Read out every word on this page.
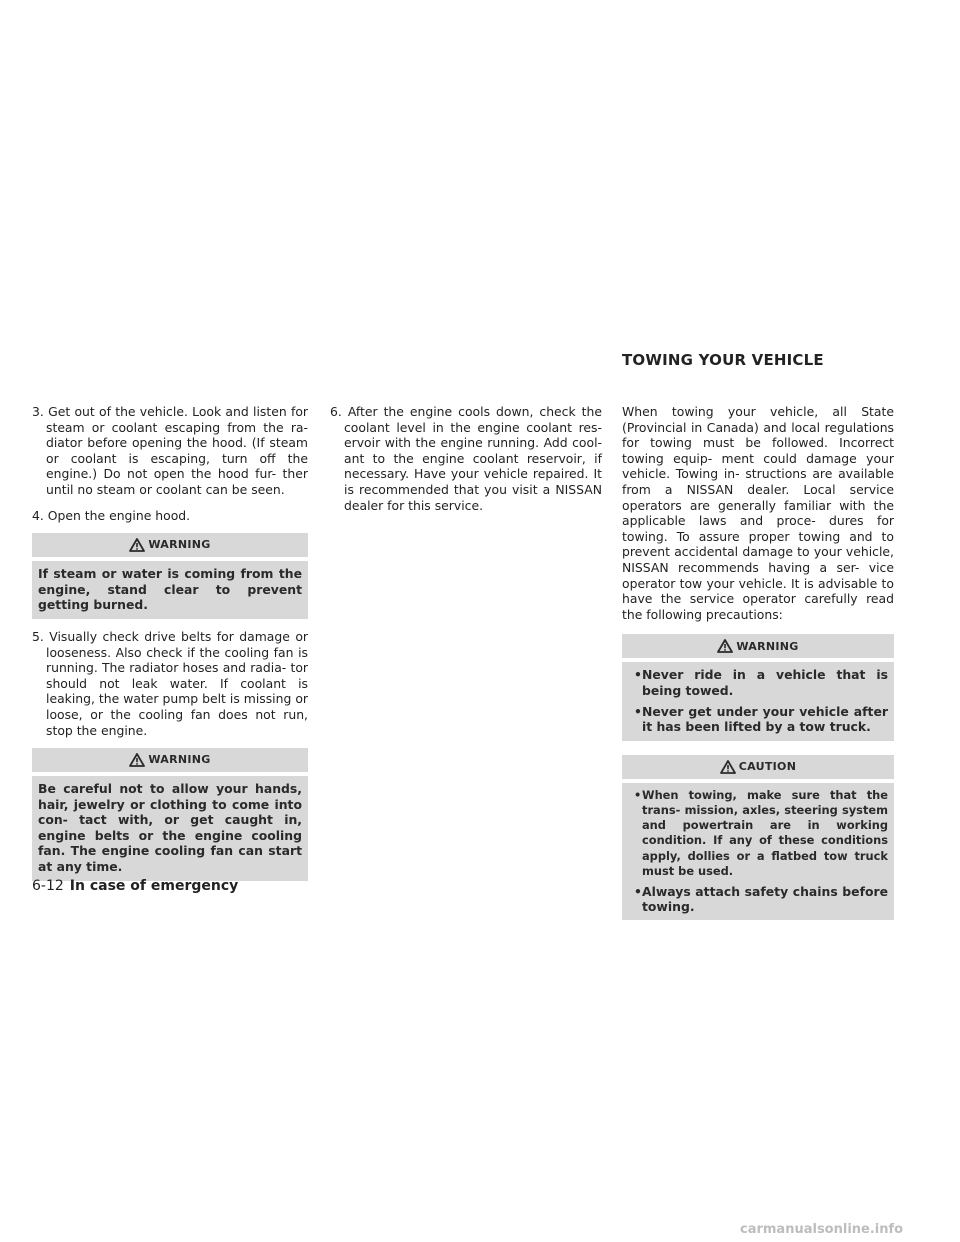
TOWING YOUR VEHICLE

3. Get out of the vehicle. Look and listen for steam or coolant escaping from the ra- diator before opening the hood. (If steam or coolant is escaping, turn off the engine.) Do not open the hood fur- ther until no steam or coolant can be seen.

4. Open the engine hood.

WARNING
If steam or water is coming from the engine, stand clear to prevent getting burned.

5. Visually check drive belts for damage or looseness. Also check if the cooling fan is running. The radiator hoses and radia- tor should not leak water. If coolant is leaking, the water pump belt is missing or loose, or the cooling fan does not run, stop the engine.

WARNING
Be careful not to allow your hands, hair, jewelry or clothing to come into con- tact with, or get caught in, engine belts or the engine cooling fan. The engine cooling fan can start at any time.

6. After the engine cools down, check the coolant level in the engine coolant res- ervoir with the engine running. Add cool- ant to the engine coolant reservoir, if necessary. Have your vehicle repaired. It is recommended that you visit a NISSAN dealer for this service.

When towing your vehicle, all State (Provincial in Canada) and local regulations for towing must be followed. Incorrect towing equip- ment could damage your vehicle. Towing in- structions are available from a NISSAN dealer. Local service operators are generally familiar with the applicable laws and proce- dures for towing. To assure proper towing and to prevent accidental damage to your vehicle, NISSAN recommends having a ser- vice operator tow your vehicle. It is advisable to have the service operator carefully read the following precautions:

WARNING
•Never ride in a vehicle that is being towed.
•Never get under your vehicle after it has been lifted by a tow truck.
CAUTION
•When towing, make sure that the trans- mission, axles, steering system and powertrain are in working condition. If any of these conditions apply, dollies or a flatbed tow truck must be used.
•Always attach safety chains before towing.
6-12 In case of emergency
carmanualsonline.info
